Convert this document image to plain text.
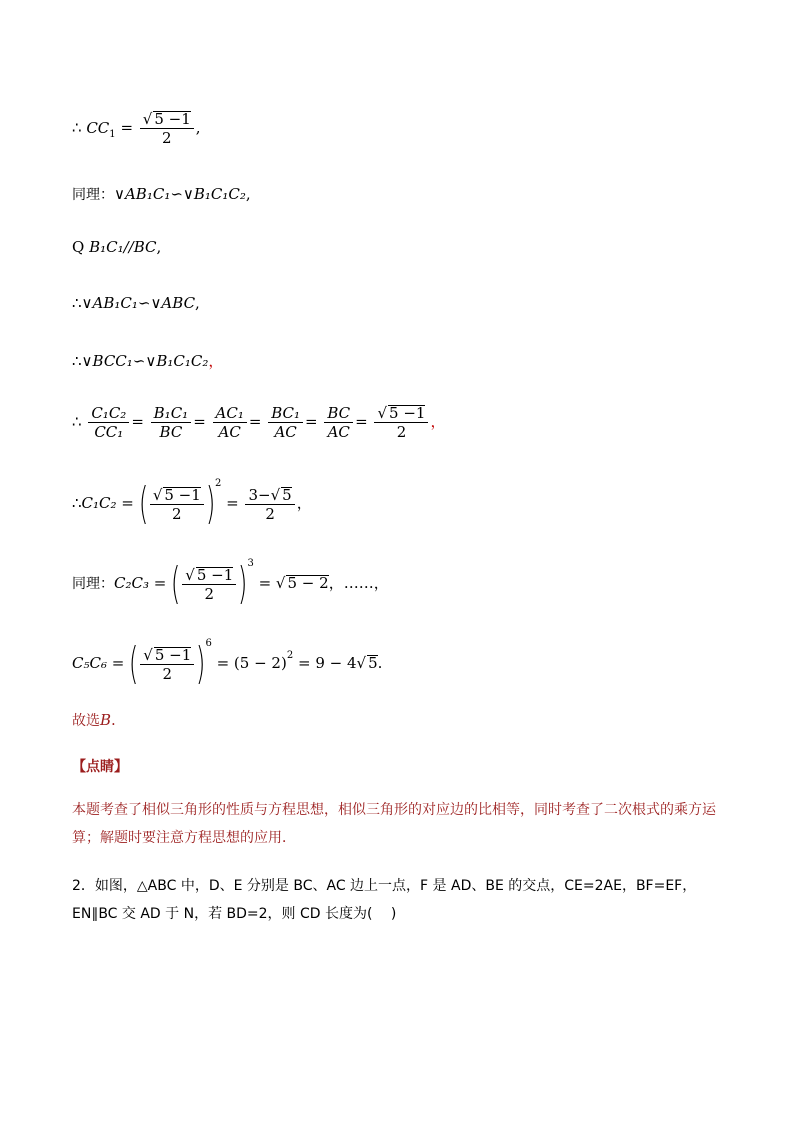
∴ $CC_1 = \frac{√ 5 -1}{2}$ ,
同理：∨AB₁C₁∽∨B₁C₁C₂,
Q B₁C₁//BC,
∴∨AB₁C₁∽∨ABC,
∴∨BCC₁∽∨B₁C₁C₂，
∴ $\frac{\text{C₁C₂}}{\text{CC₁}} = \frac{\text{B₁C₁}}{BC} = \frac{\text{AC₁}}{AC} = \frac{\text{BC₁}}{AC} = \frac{BC}{AC} = \frac{√ 5 -1}{2}$ ，
∴C₁C₂ = ( $\frac{√ 5 -1}{2} )^2 = \frac{3-√ 5}{2}$ ，
同理：C₂C₃ = ( $\frac{√ 5 -1}{2} )^3$ = √ 5 − 2，……，
C₅C₆ = ( $\frac{√ 5 -1}{2} )^6 = (5 - 2)^2 = 9 - 4√$ 5.
故选B.
【点睛】
本题考查了相似三角形的性质与方程思想，相似三角形的对应边的比相等，同时考查了二次根式的乘方运算；解题时要注意方程思想的应用．
2．如图，△ABC 中，D、E 分别是 BC、AC 边上一点，F 是 AD、BE 的交点，CE=2AE，BF=EF，EN∥BC 交 AD 于 N，若 BD=2，则 CD 长度为(　 )
